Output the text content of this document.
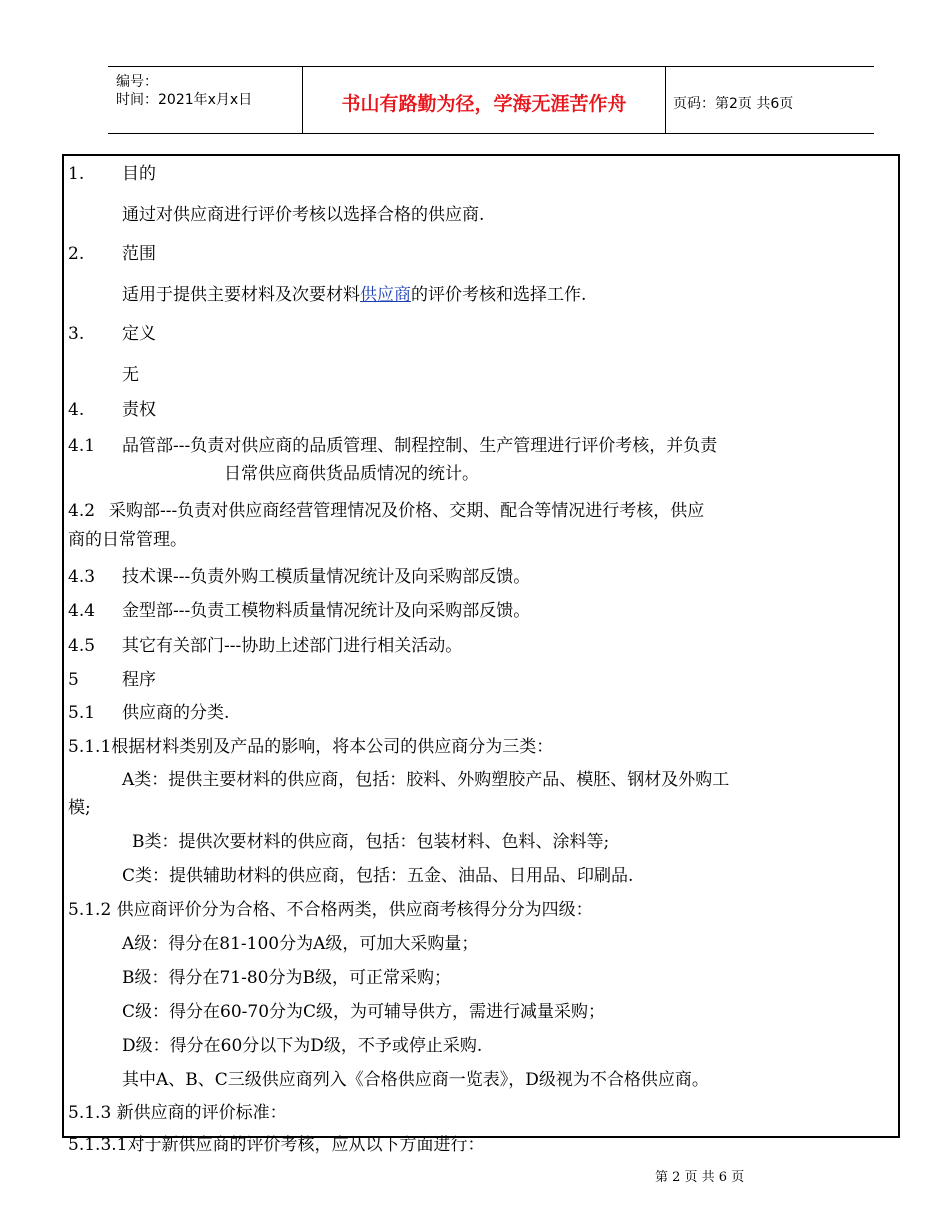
编号：
时间：2021年x月x日	书山有路勤为径，学海无涯苦作舟	页码：第2页 共6页
1. 目的
通过对供应商进行评价考核以选择合格的供应商.
2. 范围
适用于提供主要材料及次要材料供应商的评价考核和选择工作.
3. 定义
无
4. 责权
4.1 品管部---负责对供应商的品质管理、制程控制、生产管理进行评价考核，并负责
日常供应商供货品质情况的统计。
4.2 采购部---负责对供应商经营管理情况及价格、交期、配合等情况进行考核，供应
商的日常管理。
4.3 技术课---负责外购工模质量情况统计及向采购部反馈。
4.4 金型部---负责工模物料质量情况统计及向采购部反馈。
4.5 其它有关部门---协助上述部门进行相关活动。
5	程序
5.1 供应商的分类.
5.1.1根据材料类别及产品的影响，将本公司的供应商分为三类：
A类：提供主要材料的供应商，包括：胶料、外购塑胶产品、模胚、钢材及外购工
模;
B类：提供次要材料的供应商，包括：包装材料、色料、涂料等;
C类：提供辅助材料的供应商，包括：五金、油品、日用品、印刷品.
5.1.2 供应商评价分为合格、不合格两类，供应商考核得分分为四级：
A级：得分在81-100分为A级，可加大采购量；
B级：得分在71-80分为B级，可正常采购；
C级：得分在60-70分为C级，为可辅导供方，需进行减量采购；
D级：得分在60分以下为D级，不予或停止采购.
其中A、B、C三级供应商列入《合格供应商一览表》，D级视为不合格供应商。
5.1.3 新供应商的评价标准：
5.1.3.1对于新供应商的评价考核，应从以下方面进行：
第 2 页 共 6 页
